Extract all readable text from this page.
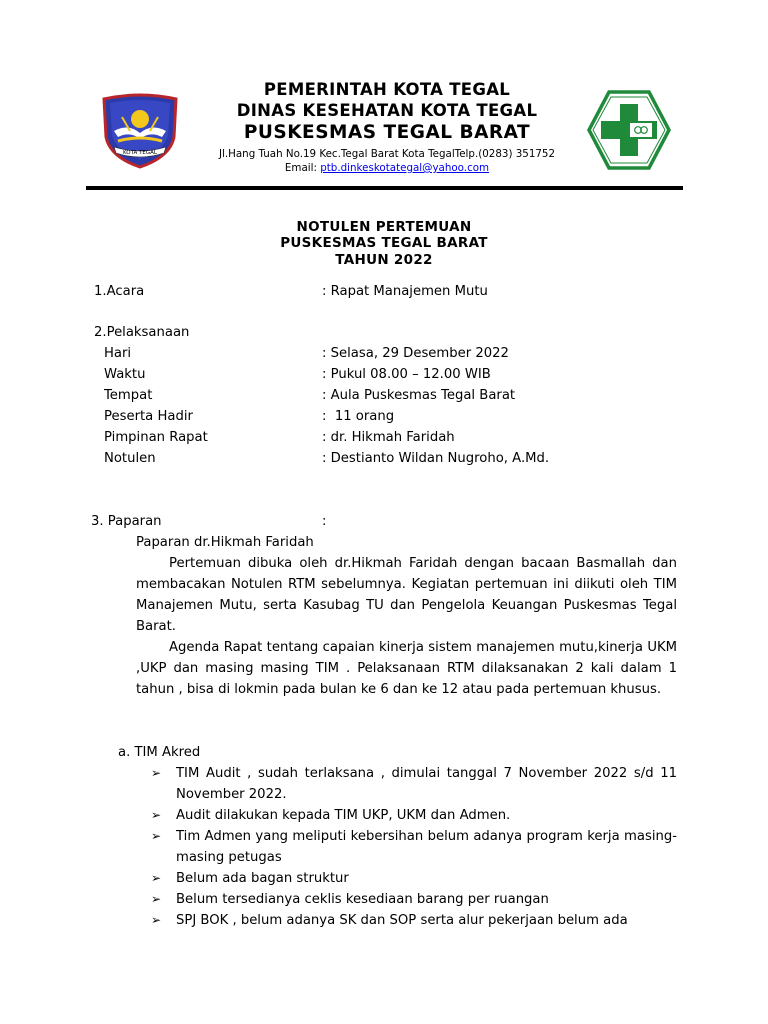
KOTA TEGAL
PEMERINTAH KOTA TEGAL
DINAS KESEHATAN KOTA TEGAL
PUSKESMAS TEGAL BARAT
Jl.Hang Tuah No.19 Kec.Tegal Barat Kota TegalTelp.(0283) 351752
Email: ptb.dinkeskotategal@yahoo.com
NOTULEN PERTEMUAN
PUSKESMAS TEGAL BARAT
TAHUN 2022
1.Acara	: Rapat Manajemen Mutu
2.Pelaksanaan
Hari	: Selasa, 29 Desember 2022
Waktu	: Pukul 08.00 – 12.00 WIB
Tempat	: Aula Puskesmas Tegal Barat
Peserta Hadir	:  11 orang
Pimpinan Rapat	: dr. Hikmah Faridah
Notulen	: Destianto Wildan Nugroho, A.Md.
3. Paparan	:
Paparan dr.Hikmah Faridah

Pertemuan dibuka oleh dr.Hikmah Faridah dengan bacaan Basmallah dan membacakan Notulen RTM sebelumnya. Kegiatan pertemuan ini diikuti oleh TIM Manajemen Mutu, serta Kasubag TU dan Pengelola Keuangan Puskesmas Tegal Barat.

Agenda Rapat tentang capaian kinerja sistem manajemen mutu,kinerja UKM ,UKP dan masing masing TIM . Pelaksanaan RTM dilaksanakan 2 kali dalam 1 tahun , bisa di lokmin pada bulan ke 6 dan ke 12 atau pada pertemuan khusus.

a. TIM Akred
➢ TIM Audit , sudah terlaksana , dimulai tanggal 7 November 2022 s/d 11 November 2022.
➢ Audit dilakukan kepada TIM UKP, UKM dan Admen.
➢ Tim Admen yang meliputi kebersihan belum adanya program kerja masing-masing petugas
➢ Belum ada bagan struktur
➢ Belum tersedianya ceklis kesediaan barang per ruangan
➢ SPJ BOK , belum adanya SK dan SOP serta alur pekerjaan belum ada
